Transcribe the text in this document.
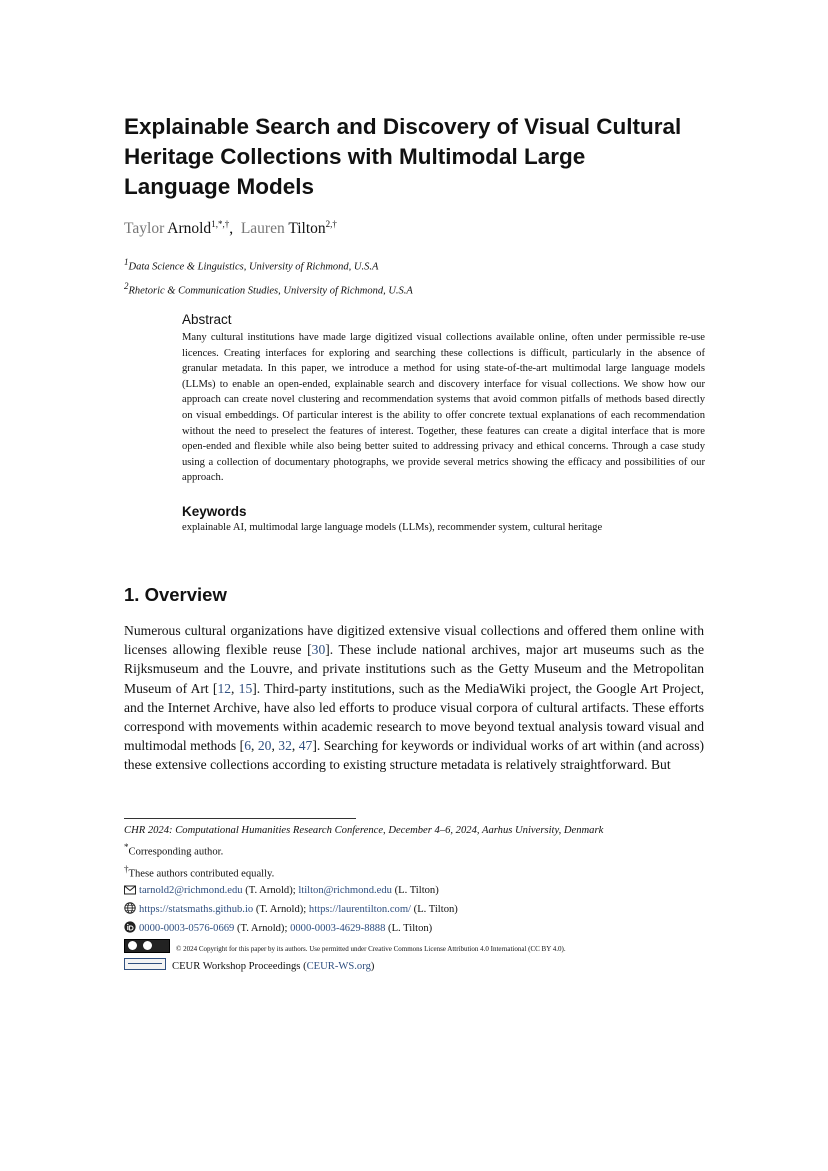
Explainable Search and Discovery of Visual Cultural
Heritage Collections with Multimodal Large
Language Models
Taylor Arnold$^{1,*,\dagger}$,  Lauren Tilton$^{2,\dagger}$
$^1$Data Science & Linguistics, University of Richmond, U.S.A
$^2$Rhetoric & Communication Studies, University of Richmond, U.S.A
Abstract
Many cultural institutions have made large digitized visual collections available online, often under permissible re-use licences. Creating interfaces for exploring and searching these collections is difficult, particularly in the absence of granular metadata. In this paper, we introduce a method for using state-of-the-art multimodal large language models (LLMs) to enable an open-ended, explainable search and discovery interface for visual collections. We show how our approach can create novel clustering and recommendation systems that avoid common pitfalls of methods based directly on visual embeddings. Of particular interest is the ability to offer concrete textual explanations of each recommendation without the need to preselect the features of interest. Together, these features can create a digital interface that is more open-ended and flexible while also being better suited to addressing privacy and ethical concerns. Through a case study using a collection of documentary photographs, we provide several metrics showing the efficacy and possibilities of our approach.
Keywords
explainable AI, multimodal large language models (LLMs), recommender system, cultural heritage
1. Overview
Numerous cultural organizations have digitized extensive visual collections and offered them online with licenses allowing flexible reuse [30]. These include national archives, major art museums such as the Rijksmuseum and the Louvre, and private institutions such as the Getty Museum and the Metropolitan Museum of Art [12, 15]. Third-party institutions, such as the MediaWiki project, the Google Art Project, and the Internet Archive, have also led efforts to produce visual corpora of cultural artifacts. These efforts correspond with movements within academic research to move beyond textual analysis toward visual and multimodal methods [6, 20, 32, 47]. Searching for keywords or individual works of art within (and across) these extensive collections according to existing structure metadata is relatively straightforward. But
CHR 2024: Computational Humanities Research Conference, December 4–6, 2024, Aarhus University, Denmark
*Corresponding author.
†These authors contributed equally.
tarnold2@richmond.edu (T. Arnold); ltilton@richmond.edu (L. Tilton)
https://statsmaths.github.io (T. Arnold); https://laurentilton.com/ (L. Tilton)
0000-0003-0576-0669 (T. Arnold); 0000-0003-4629-8888 (L. Tilton)
© 2024 Copyright for this paper by its authors. Use permitted under Creative Commons License Attribution 4.0 International (CC BY 4.0).
CEUR Workshop Proceedings (CEUR-WS.org)
